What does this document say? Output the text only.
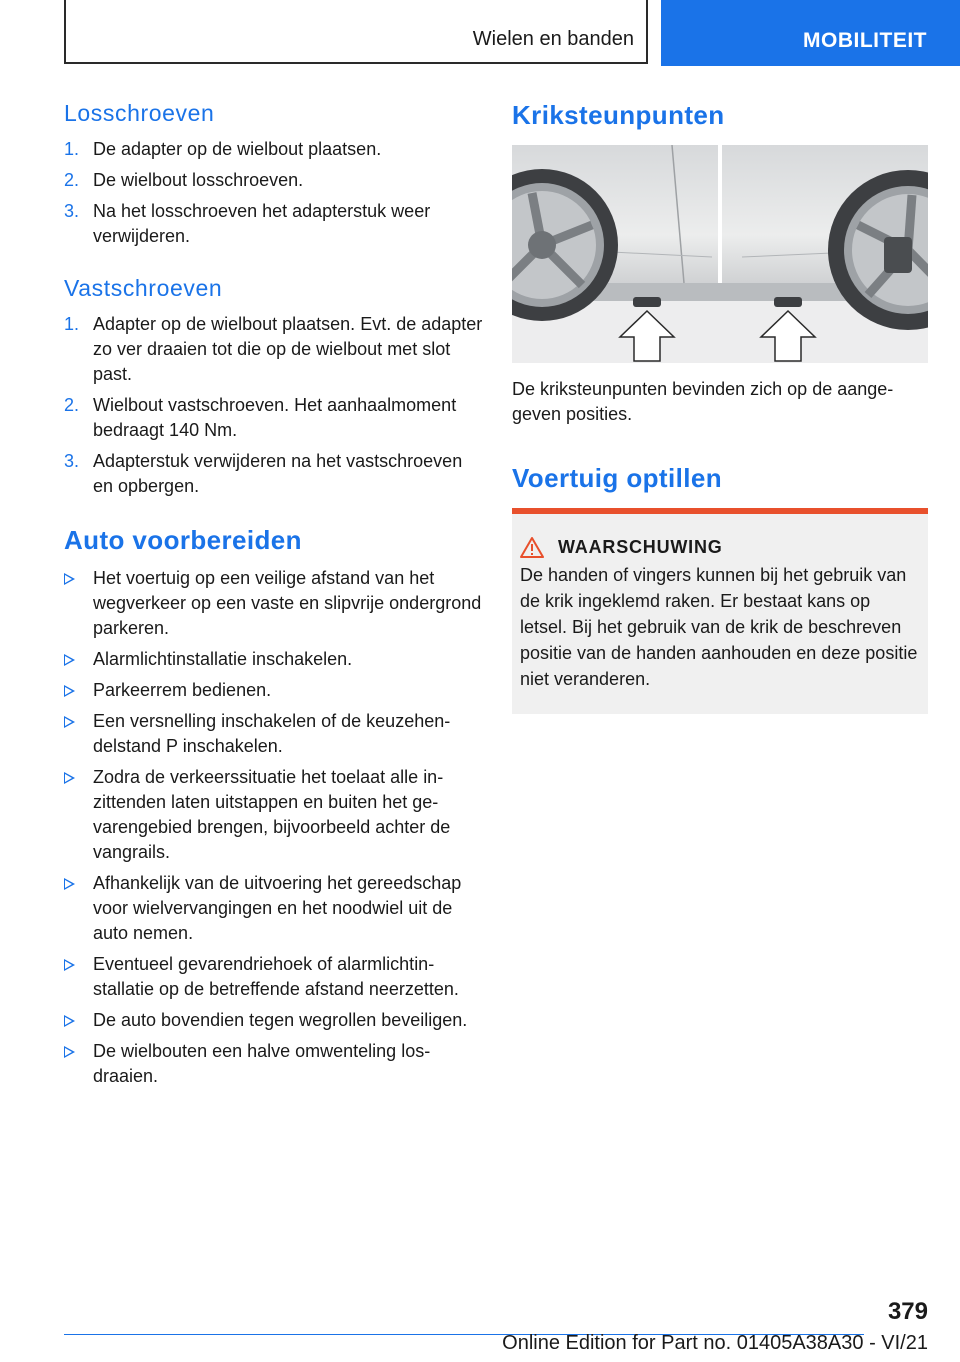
Wielen en banden	MOBILITEIT
Losschroeven
1. De adapter op de wielbout plaatsen.
2. De wielbout losschroeven.
3. Na het losschroeven het adapterstuk weer verwijderen.
Vastschroeven
1. Adapter op de wielbout plaatsen. Evt. de adapter zo ver draaien tot die op de wielbout met slot past.
2. Wielbout vastschroeven. Het aanhaalmoment bedraagt 140 Nm.
3. Adapterstuk verwijderen na het vastschroeven en opbergen.
Auto voorbereiden
Het voertuig op een veilige afstand van het wegverkeer op een vaste en slipvrije ondergrond parkeren.
Alarmlichtinstallatie inschakelen.
Parkeerrem bedienen.
Een versnelling inschakelen of de keuzehendelstand P inschakelen.
Zodra de verkeerssituatie het toelaat alle inzittenden laten uitstappen en buiten het gevarengebied brengen, bijvoorbeeld achter de vangrails.
Afhankelijk van de uitvoering het gereedschap voor wielvervangingen en het noodwiel uit de auto nemen.
Eventueel gevarendriehoek of alarmlichtinstallatie op de betreffende afstand neerzetten.
De auto bovendien tegen wegrollen beveiligen.
De wielbouten een halve omwenteling losdraaien.
Kriksteunpunten

De kriksteunpunten bevinden zich op de aangegeven posities.

Voertuig optillen
WAARSCHUWING
De handen of vingers kunnen bij het gebruik van de krik ingeklemd raken. Er bestaat kans op letsel. Bij het gebruik van de krik de beschreven positie van de handen aanhouden en deze positie niet veranderen.
379
Online Edition for Part no. 01405A38A30 - VI/21
